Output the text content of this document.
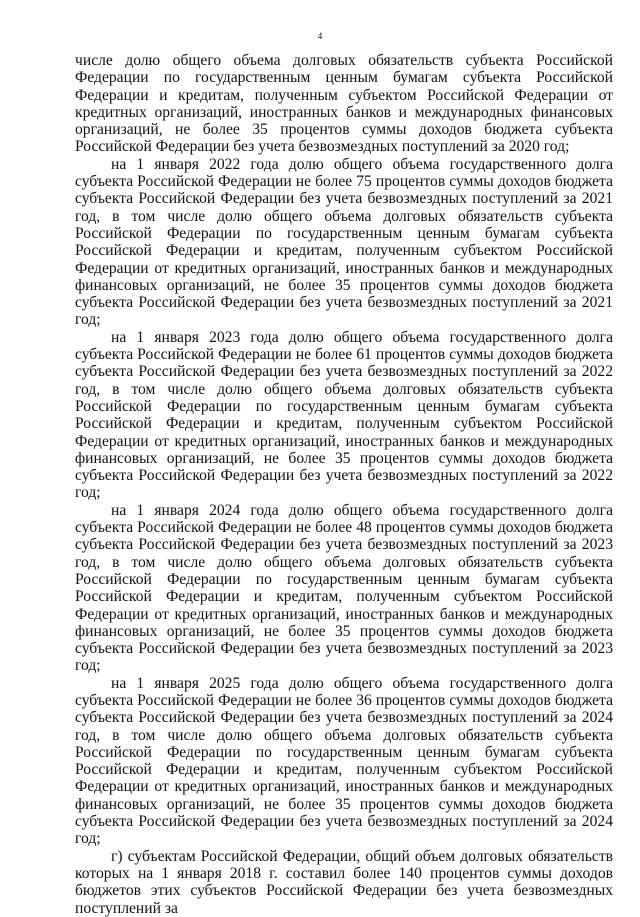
4

числе долю общего объема долговых обязательств субъекта Российской Федерации по государственным ценным бумагам субъекта Российской Федерации и кредитам, полученным субъектом Российской Федерации от кредитных организаций, иностранных банков и международных финансовых организаций, не более 35 процентов суммы доходов бюджета субъекта Российской Федерации без учета безвозмездных поступлений за 2020 год;

на 1 января 2022 года долю общего объема государственного долга субъекта Российской Федерации не более 75 процентов суммы доходов бюджета субъекта Российской Федерации без учета безвозмездных поступлений за 2021 год, в том числе долю общего объема долговых обязательств субъекта Российской Федерации по государственным ценным бумагам субъекта Российской Федерации и кредитам, полученным субъектом Российской Федерации от кредитных организаций, иностранных банков и международных финансовых организаций, не более 35 процентов суммы доходов бюджета субъекта Российской Федерации без учета безвозмездных поступлений за 2021 год;

на 1 января 2023 года долю общего объема государственного долга субъекта Российской Федерации не более 61 процентов суммы доходов бюджета субъекта Российской Федерации без учета безвозмездных поступлений за 2022 год, в том числе долю общего объема долговых обязательств субъекта Российской Федерации по государственным ценным бумагам субъекта Российской Федерации и кредитам, полученным субъектом Российской Федерации от кредитных организаций, иностранных банков и международных финансовых организаций, не более 35 процентов суммы доходов бюджета субъекта Российской Федерации без учета безвозмездных поступлений за 2022 год;

на 1 января 2024 года долю общего объема государственного долга субъекта Российской Федерации не более 48 процентов суммы доходов бюджета субъекта Российской Федерации без учета безвозмездных поступлений за 2023 год, в том числе долю общего объема долговых обязательств субъекта Российской Федерации по государственным ценным бумагам субъекта Российской Федерации и кредитам, полученным субъектом Российской Федерации от кредитных организаций, иностранных банков и международных финансовых организаций, не более 35 процентов суммы доходов бюджета субъекта Российской Федерации без учета безвозмездных поступлений за 2023 год;

на 1 января 2025 года долю общего объема государственного долга субъекта Российской Федерации не более 36 процентов суммы доходов бюджета субъекта Российской Федерации без учета безвозмездных поступлений за 2024 год, в том числе долю общего объема долговых обязательств субъекта Российской Федерации по государственным ценным бумагам субъекта Российской Федерации и кредитам, полученным субъектом Российской Федерации от кредитных организаций, иностранных банков и международных финансовых организаций, не более 35 процентов суммы доходов бюджета субъекта Российской Федерации без учета безвозмездных поступлений за 2024 год;

г) субъектам Российской Федерации, общий объем долговых обязательств которых на 1 января 2018 г. составил более 140 процентов суммы доходов бюджетов этих субъектов Российской Федерации без учета безвозмездных поступлений за
